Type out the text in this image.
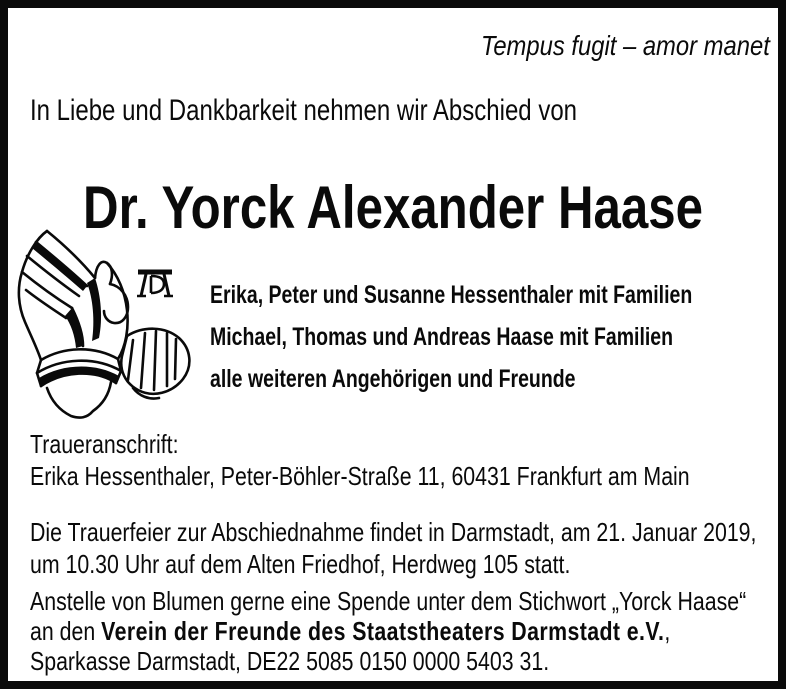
Tempus fugit – amor manet
In Liebe und Dankbarkeit nehmen wir Abschied von
Dr. Yorck Alexander Haase
Erika, Peter und Susanne Hessenthaler mit Familien
Michael, Thomas und Andreas Haase mit Familien
alle weiteren Angehörigen und Freunde
Traueranschrift:
Erika Hessenthaler, Peter-Böhler-Straße 11, 60431 Frankfurt am Main
Die Trauerfeier zur Abschiednahme findet in Darmstadt, am 21. Januar 2019,
um 10.30 Uhr auf dem Alten Friedhof, Herdweg 105 statt.
Anstelle von Blumen gerne eine Spende unter dem Stichwort „Yorck Haase“
an den Verein der Freunde des Staatstheaters Darmstadt e.V.,
Sparkasse Darmstadt, DE22 5085 0150 0000 5403 31.
